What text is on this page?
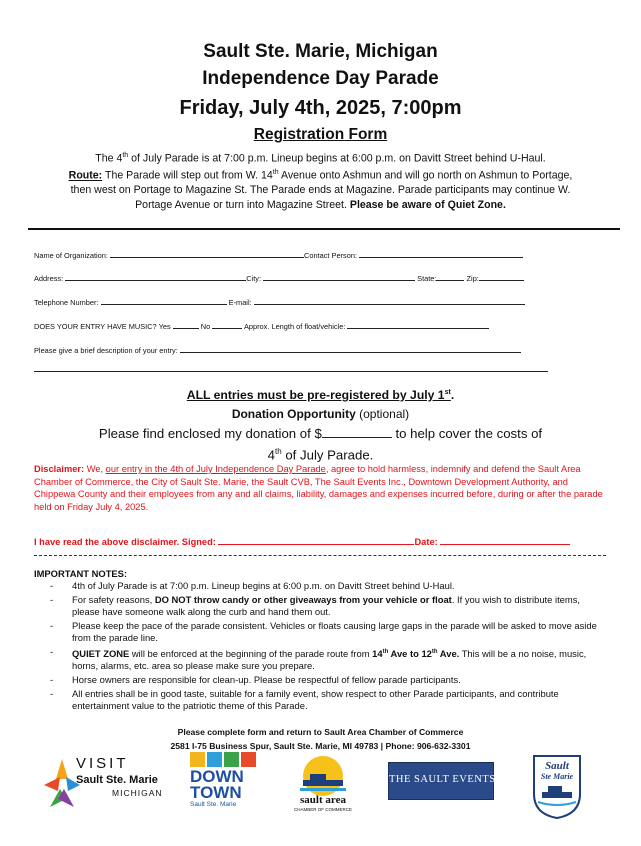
Sault Ste. Marie, Michigan
Independence Day Parade
Friday, July 4th, 2025, 7:00pm
Registration Form
The 4th of July Parade is at 7:00 p.m. Lineup begins at 6:00 p.m. on Davitt Street behind U-Haul.
Route: The Parade will step out from W. 14th Avenue onto Ashmun and will go north on Ashmun to Portage, then west on Portage to Magazine St. The Parade ends at Magazine. Parade participants may continue W. Portage Avenue or turn into Magazine Street. Please be aware of Quiet Zone.
Name of Organization:	Contact Person:
Address:	City:	State:	Zip:
Telephone Number:	E-mail:
DOES YOUR ENTRY HAVE MUSIC? Yes	No	Approx. Length of float/vehicle:
Please give a brief description of your entry:
ALL entries must be pre-registered by July 1st.
Donation Opportunity (optional)
Please find enclosed my donation of $	to help cover the costs of
4th of July Parade.
Disclaimer: We, our entry in the 4th of July Independence Day Parade, agree to hold harmless, indemnify and defend the Sault Area Chamber of Commerce, the City of Sault Ste. Marie, the Sault CVB, The Sault Events Inc., Downtown Development Authority, and Chippewa County and their employees from any and all claims, liability, damages and expenses incurred before, during or after the parade held on Friday July 4, 2025.
I have read the above disclaimer. Signed:	Date:
IMPORTANT NOTES:
- 4th of July Parade is at 7:00 p.m. Lineup begins at 6:00 p.m. on Davitt Street behind U-Haul.
- For safety reasons, DO NOT throw candy or other giveaways from your vehicle or float. If you wish to distribute items, please have someone walk along the curb and hand them out.
- Please keep the pace of the parade consistent. Vehicles or floats causing large gaps in the parade will be asked to move aside from the parade line.
- QUIET ZONE will be enforced at the beginning of the parade route from 14th Ave to 12th Ave. This will be a no noise, music, horns, alarms, etc. area so please make sure you prepare.
- Horse owners are responsible for clean-up. Please be respectful of fellow parade participants.
- All entries shall be in good taste, suitable for a family event, show respect to other Parade participants, and contribute entertainment value to the patriotic theme of this Parade.
Please complete form and return to Sault Area Chamber of Commerce
2581 I-75 Business Spur, Sault Ste. Marie, MI 49783 | Phone: 906-632-3301
VISIT
Sault Ste. Marie
MICHIGAN
DOWN
TOWN
Sault Ste. Marie	sault area
CHAMBER OF COMMERCE
THE SAULT EVENTS
Sault
Ste Marie
